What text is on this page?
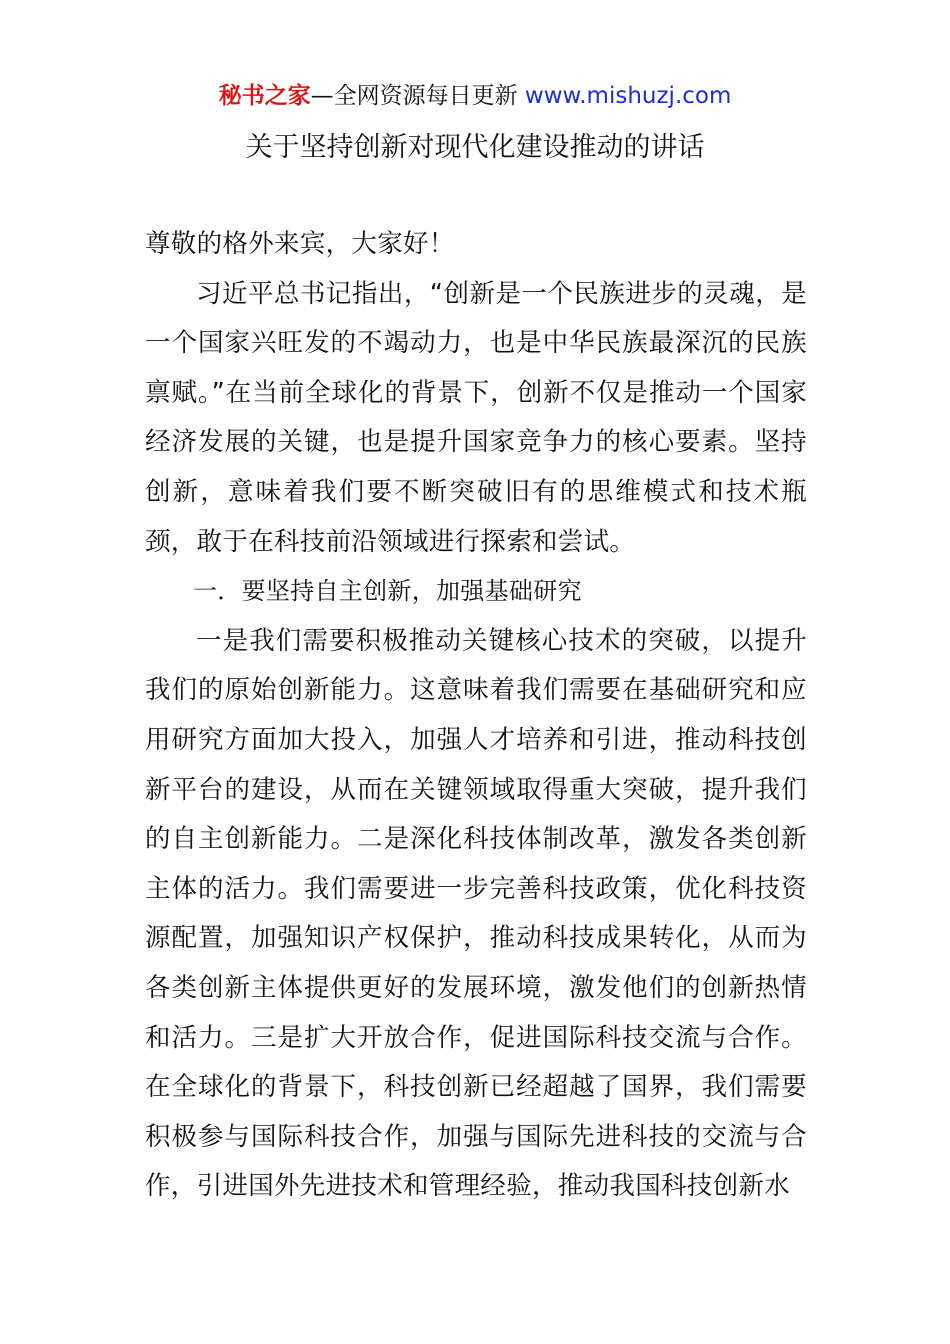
秘书之家—全网资源每日更新 www.mishuzj.com
关于坚持创新对现代化建设推动的讲话

尊敬的格外来宾，大家好！

习近平总书记指出，“创新是一个民族进步的灵魂，是一个国家兴旺发的不竭动力，也是中华民族最深沉的民族禀赋。”在当前全球化的背景下，创新不仅是推动一个国家经济发展的关键，也是提升国家竞争力的核心要素。坚持创新，意味着我们要不断突破旧有的思维模式和技术瓶颈，敢于在科技前沿领域进行探索和尝试。

一．要坚持自主创新，加强基础研究

一是我们需要积极推动关键核心技术的突破，以提升我们的原始创新能力。这意味着我们需要在基础研究和应用研究方面加大投入，加强人才培养和引进，推动科技创新平台的建设，从而在关键领域取得重大突破，提升我们的自主创新能力。二是深化科技体制改革，激发各类创新主体的活力。我们需要进一步完善科技政策，优化科技资源配置，加强知识产权保护，推动科技成果转化，从而为各类创新主体提供更好的发展环境，激发他们的创新热情和活力。三是扩大开放合作，促进国际科技交流与合作。在全球化的背景下，科技创新已经超越了国界，我们需要积极参与国际科技合作，加强与国际先进科技的交流与合作，引进国外先进技术和管理经验，推动我国科技创新水
